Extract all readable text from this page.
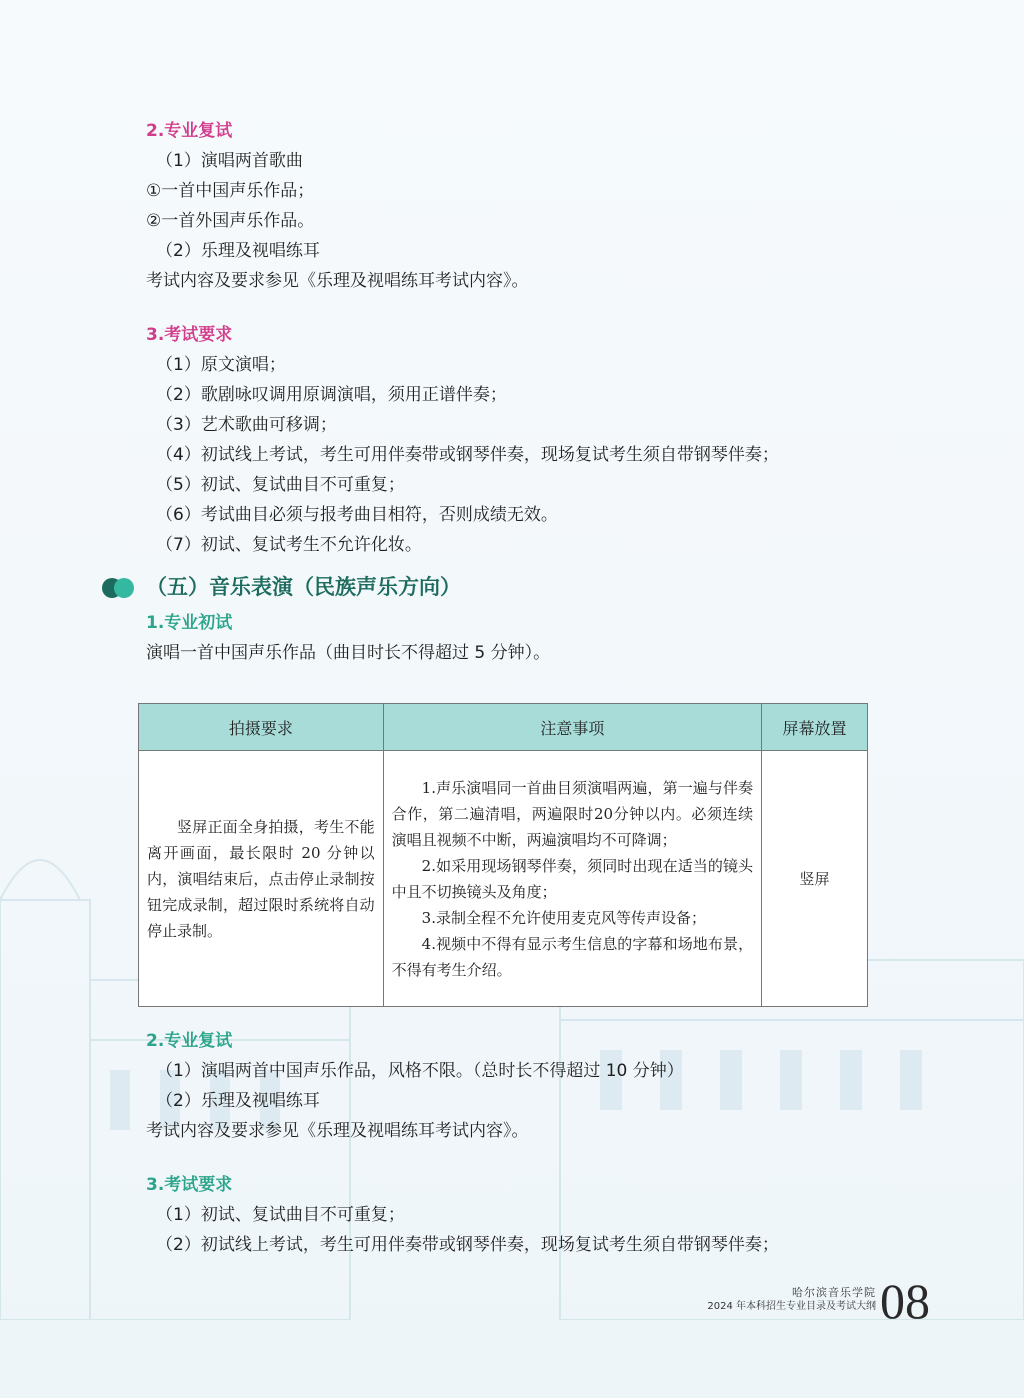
2.专业复试

（1）演唱两首歌曲

①一首中国声乐作品；

②一首外国声乐作品。

（2）乐理及视唱练耳

考试内容及要求参见《乐理及视唱练耳考试内容》。

3.考试要求

（1）原文演唱；

（2）歌剧咏叹调用原调演唱，须用正谱伴奏；

（3）艺术歌曲可移调；

（4）初试线上考试，考生可用伴奏带或钢琴伴奏，现场复试考生须自带钢琴伴奏；

（5）初试、复试曲目不可重复；

（6）考试曲目必须与报考曲目相符，否则成绩无效。

（7）初试、复试考生不允许化妆。

（五）音乐表演（民族声乐方向）

1.专业初试

演唱一首中国声乐作品（曲目时长不得超过 5 分钟）。

拍摄要求	注意事项	屏幕放置
竖屏正面全身拍摄，考生不能离开画面，最长限时 20 分钟以内，演唱结束后，点击停止录制按钮完成录制，超过限时系统将自动停止录制。	1.声乐演唱同一首曲目须演唱两遍，第一遍与伴奏合作，第二遍清唱，两遍限时20分钟以内。必须连续演唱且视频不中断，两遍演唱均不可降调；

2.如采用现场钢琴伴奏，须同时出现在适当的镜头中且不切换镜头及角度；

3.录制全程不允许使用麦克风等传声设备；

4.视频中不得有显示考生信息的字幕和场地布景，不得有考生介绍。	竖屏

2.专业复试

（1）演唱两首中国声乐作品，风格不限。（总时长不得超过 10 分钟）

（2）乐理及视唱练耳

考试内容及要求参见《乐理及视唱练耳考试内容》。

3.考试要求

（1）初试、复试曲目不可重复；

（2）初试线上考试，考生可用伴奏带或钢琴伴奏，现场复试考生须自带钢琴伴奏；

哈尔滨音乐学院
2024 年本科招生专业目录及考试大纲 08
